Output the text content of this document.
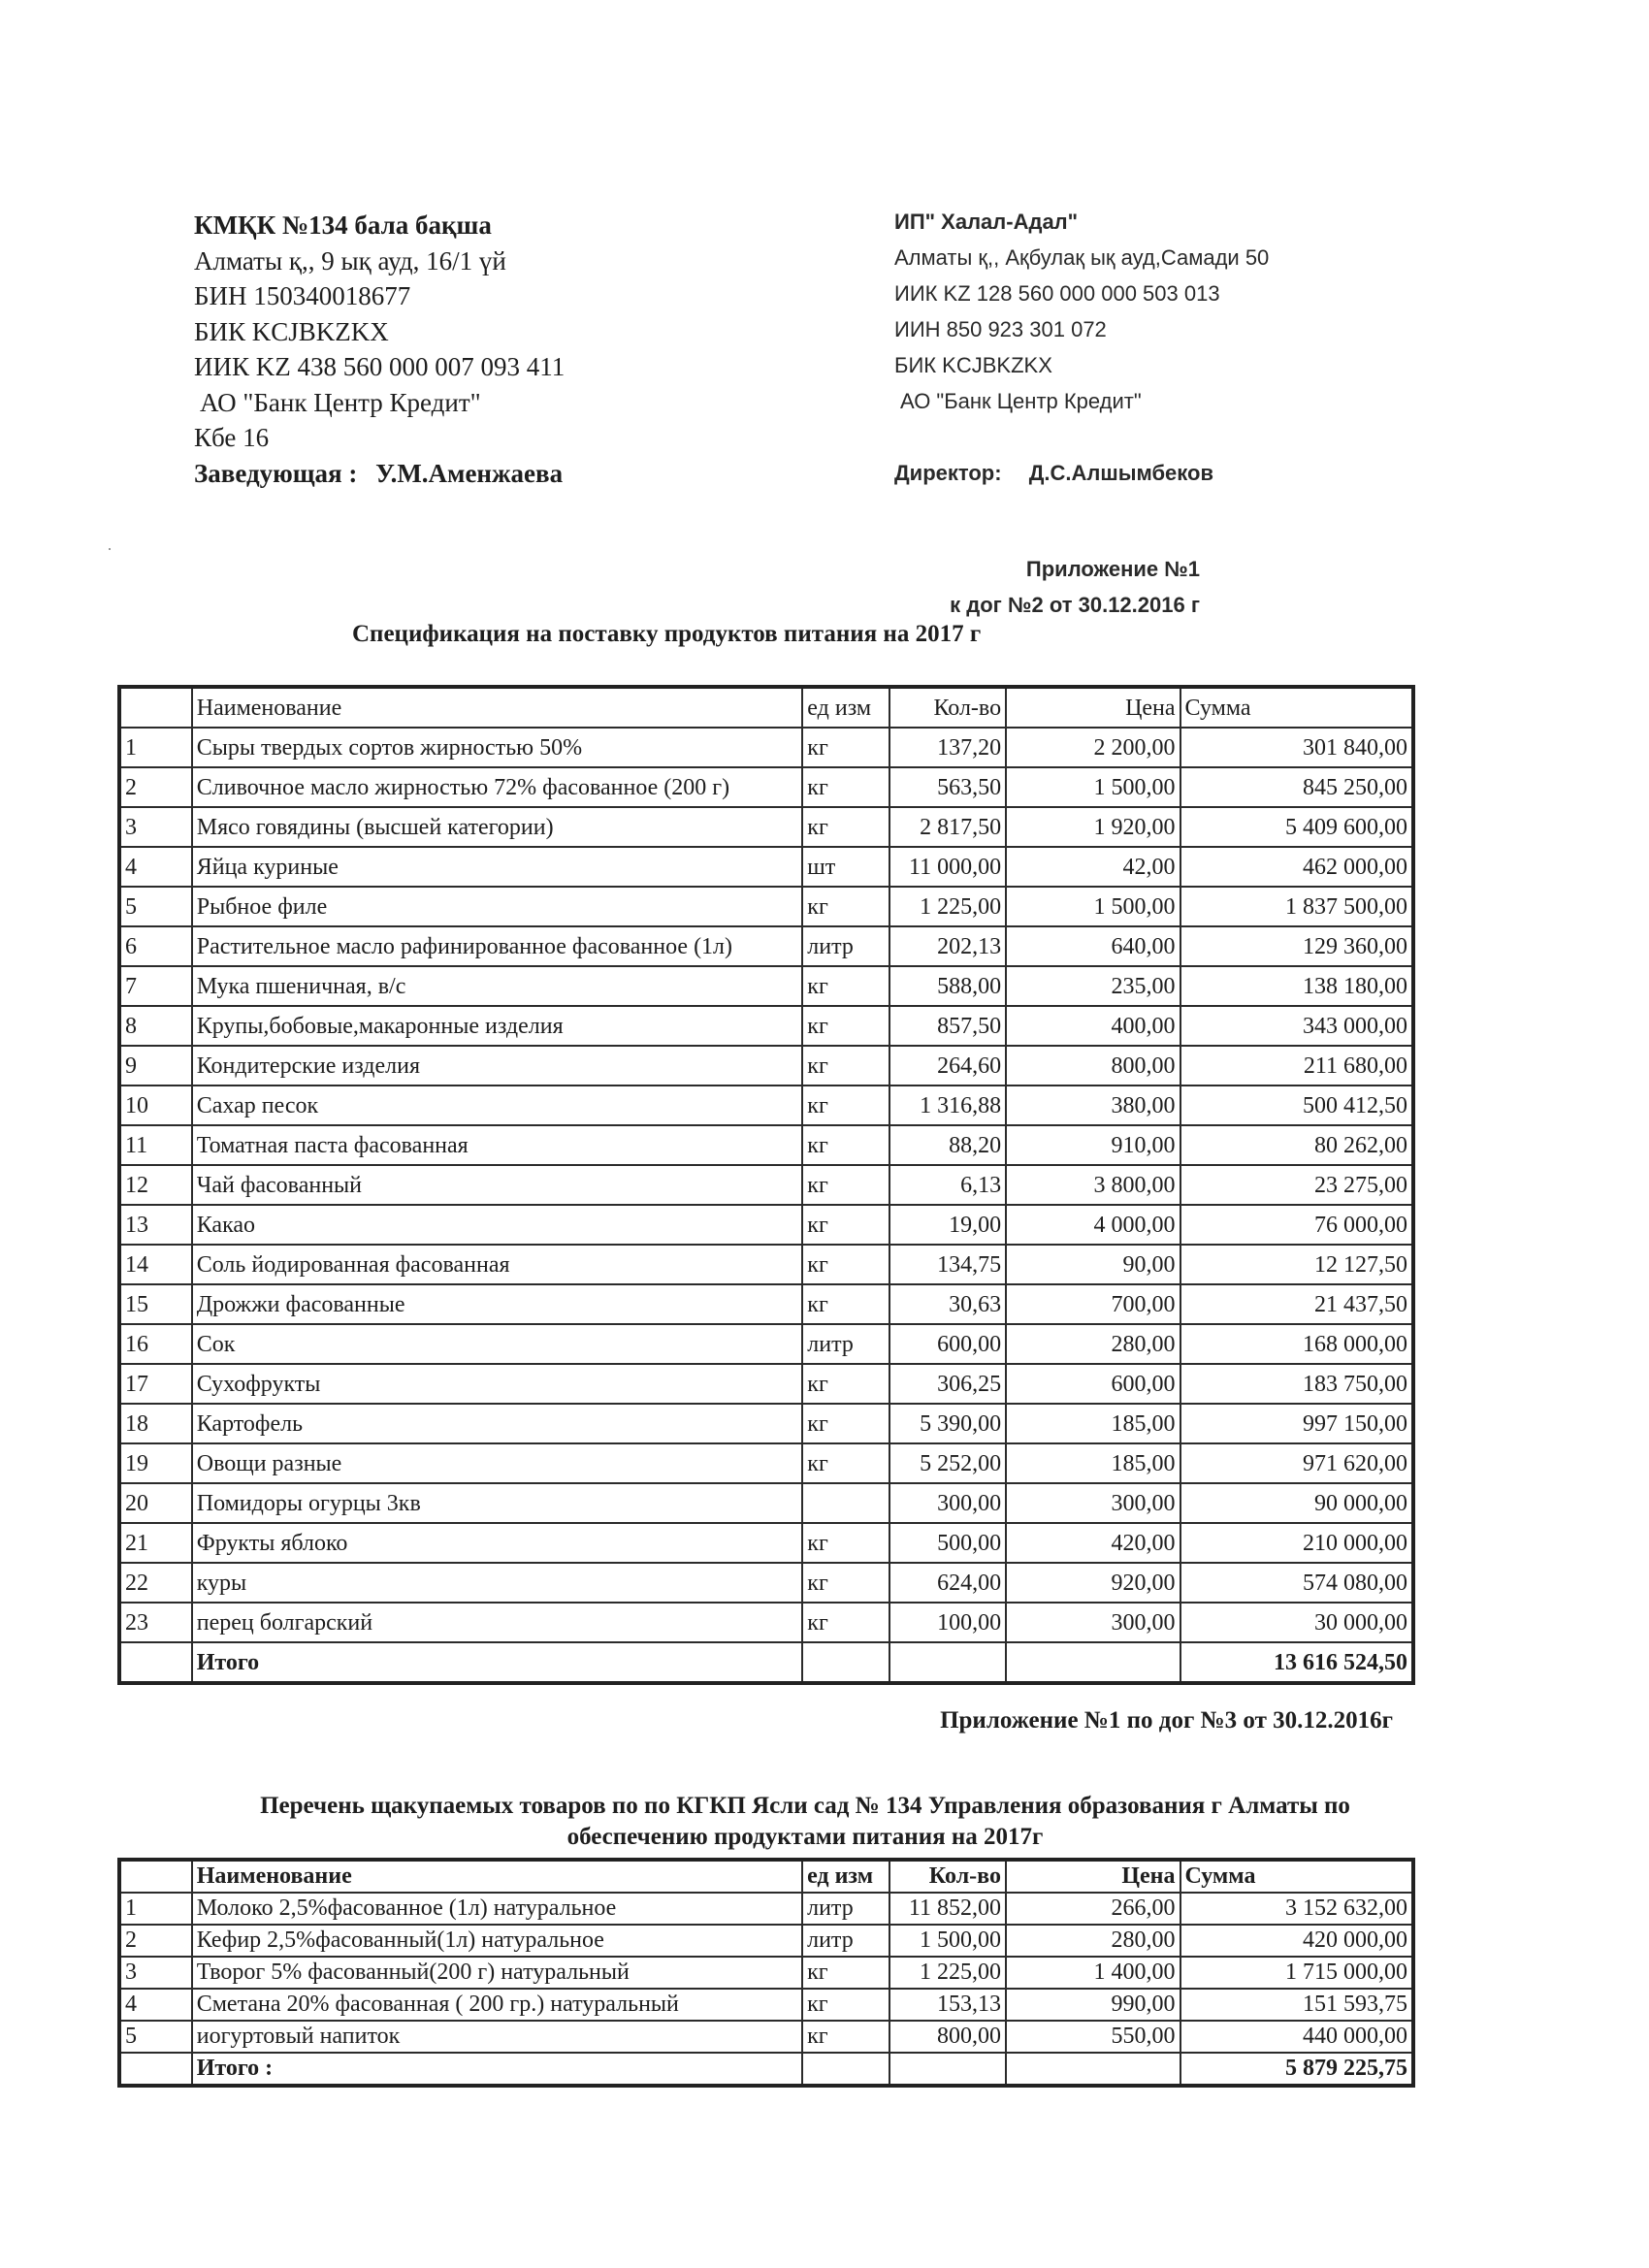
КМҚК №134 бала бақша
Алматы қ,, 9 ық ауд, 16/1 үй
БИН 150340018677
БИК KCJBKZKX
ИИК KZ 438 560 000 007 093 411
АО "Банк Центр Кредит"
Кбе 16
Заведующая : У.М.Аменжаева
ИП" Халал-Адал"
Алматы қ,, Ақбулақ ық ауд,Самади 50
ИИК KZ 128 560 000 000 503 013
ИИН 850 923 301 072
БИК KCJBKZKX
АО "Банк Центр Кредит"
Директор: Д.С.Алшымбеков
Приложение №1
к дог №2 от 30.12.2016 г
Спецификация на поставку продуктов питания на 2017 г
	Наименование	ед изм	Кол-во	Цена	Сумма
1	Сыры твердых сортов жирностью 50%	кг	137,20	2 200,00	301 840,00
2	Сливочное масло жирностью 72% фасованное (200 г)	кг	563,50	1 500,00	845 250,00
3	Мясо говядины (высшей категории)	кг	2 817,50	1 920,00	5 409 600,00
4	Яйца куриные	шт	11 000,00	42,00	462 000,00
5	Рыбное филе	кг	1 225,00	1 500,00	1 837 500,00
6	Растительное масло рафинированное фасованное (1л)	литр	202,13	640,00	129 360,00
7	Мука пшеничная, в/с	кг	588,00	235,00	138 180,00
8	Крупы,бобовые,макаронные изделия	кг	857,50	400,00	343 000,00
9	Кондитерские изделия	кг	264,60	800,00	211 680,00
10	Сахар песок	кг	1 316,88	380,00	500 412,50
11	Томатная паста фасованная	кг	88,20	910,00	80 262,00
12	Чай фасованный	кг	6,13	3 800,00	23 275,00
13	Какао	кг	19,00	4 000,00	76 000,00
14	Соль йодированная фасованная	кг	134,75	90,00	12 127,50
15	Дрожжи фасованные	кг	30,63	700,00	21 437,50
16	Сок	литр	600,00	280,00	168 000,00
17	Сухофрукты	кг	306,25	600,00	183 750,00
18	Картофель	кг	5 390,00	185,00	997 150,00
19	Овощи разные	кг	5 252,00	185,00	971 620,00
20	Помидоры огурцы 3кв		300,00	300,00	90 000,00
21	Фрукты яблоко	кг	500,00	420,00	210 000,00
22	куры	кг	624,00	920,00	574 080,00
23	перец болгарский	кг	100,00	300,00	30 000,00
	Итого				13 616 524,50
Приложение №1 по дог №3 от 30.12.2016г
Перечень щакупаемых товаров по по КГКП Ясли сад № 134 Управления образования г Алматы по обеспечению продуктами питания на 2017г
	Наименование	ед изм	Кол-во	Цена	Сумма
1	Молоко 2,5%фасованное (1л) натуральное	литр	11 852,00	266,00	3 152 632,00
2	Кефир 2,5%фасованный(1л) натуральное	литр	1 500,00	280,00	420 000,00
3	Творог 5% фасованный(200 г) натуральный	кг	1 225,00	1 400,00	1 715 000,00
4	Сметана 20% фасованная ( 200 гр.) натуральный	кг	153,13	990,00	151 593,75
5	иогуртовый напиток	кг	800,00	550,00	440 000,00
	Итого :				5 879 225,75
